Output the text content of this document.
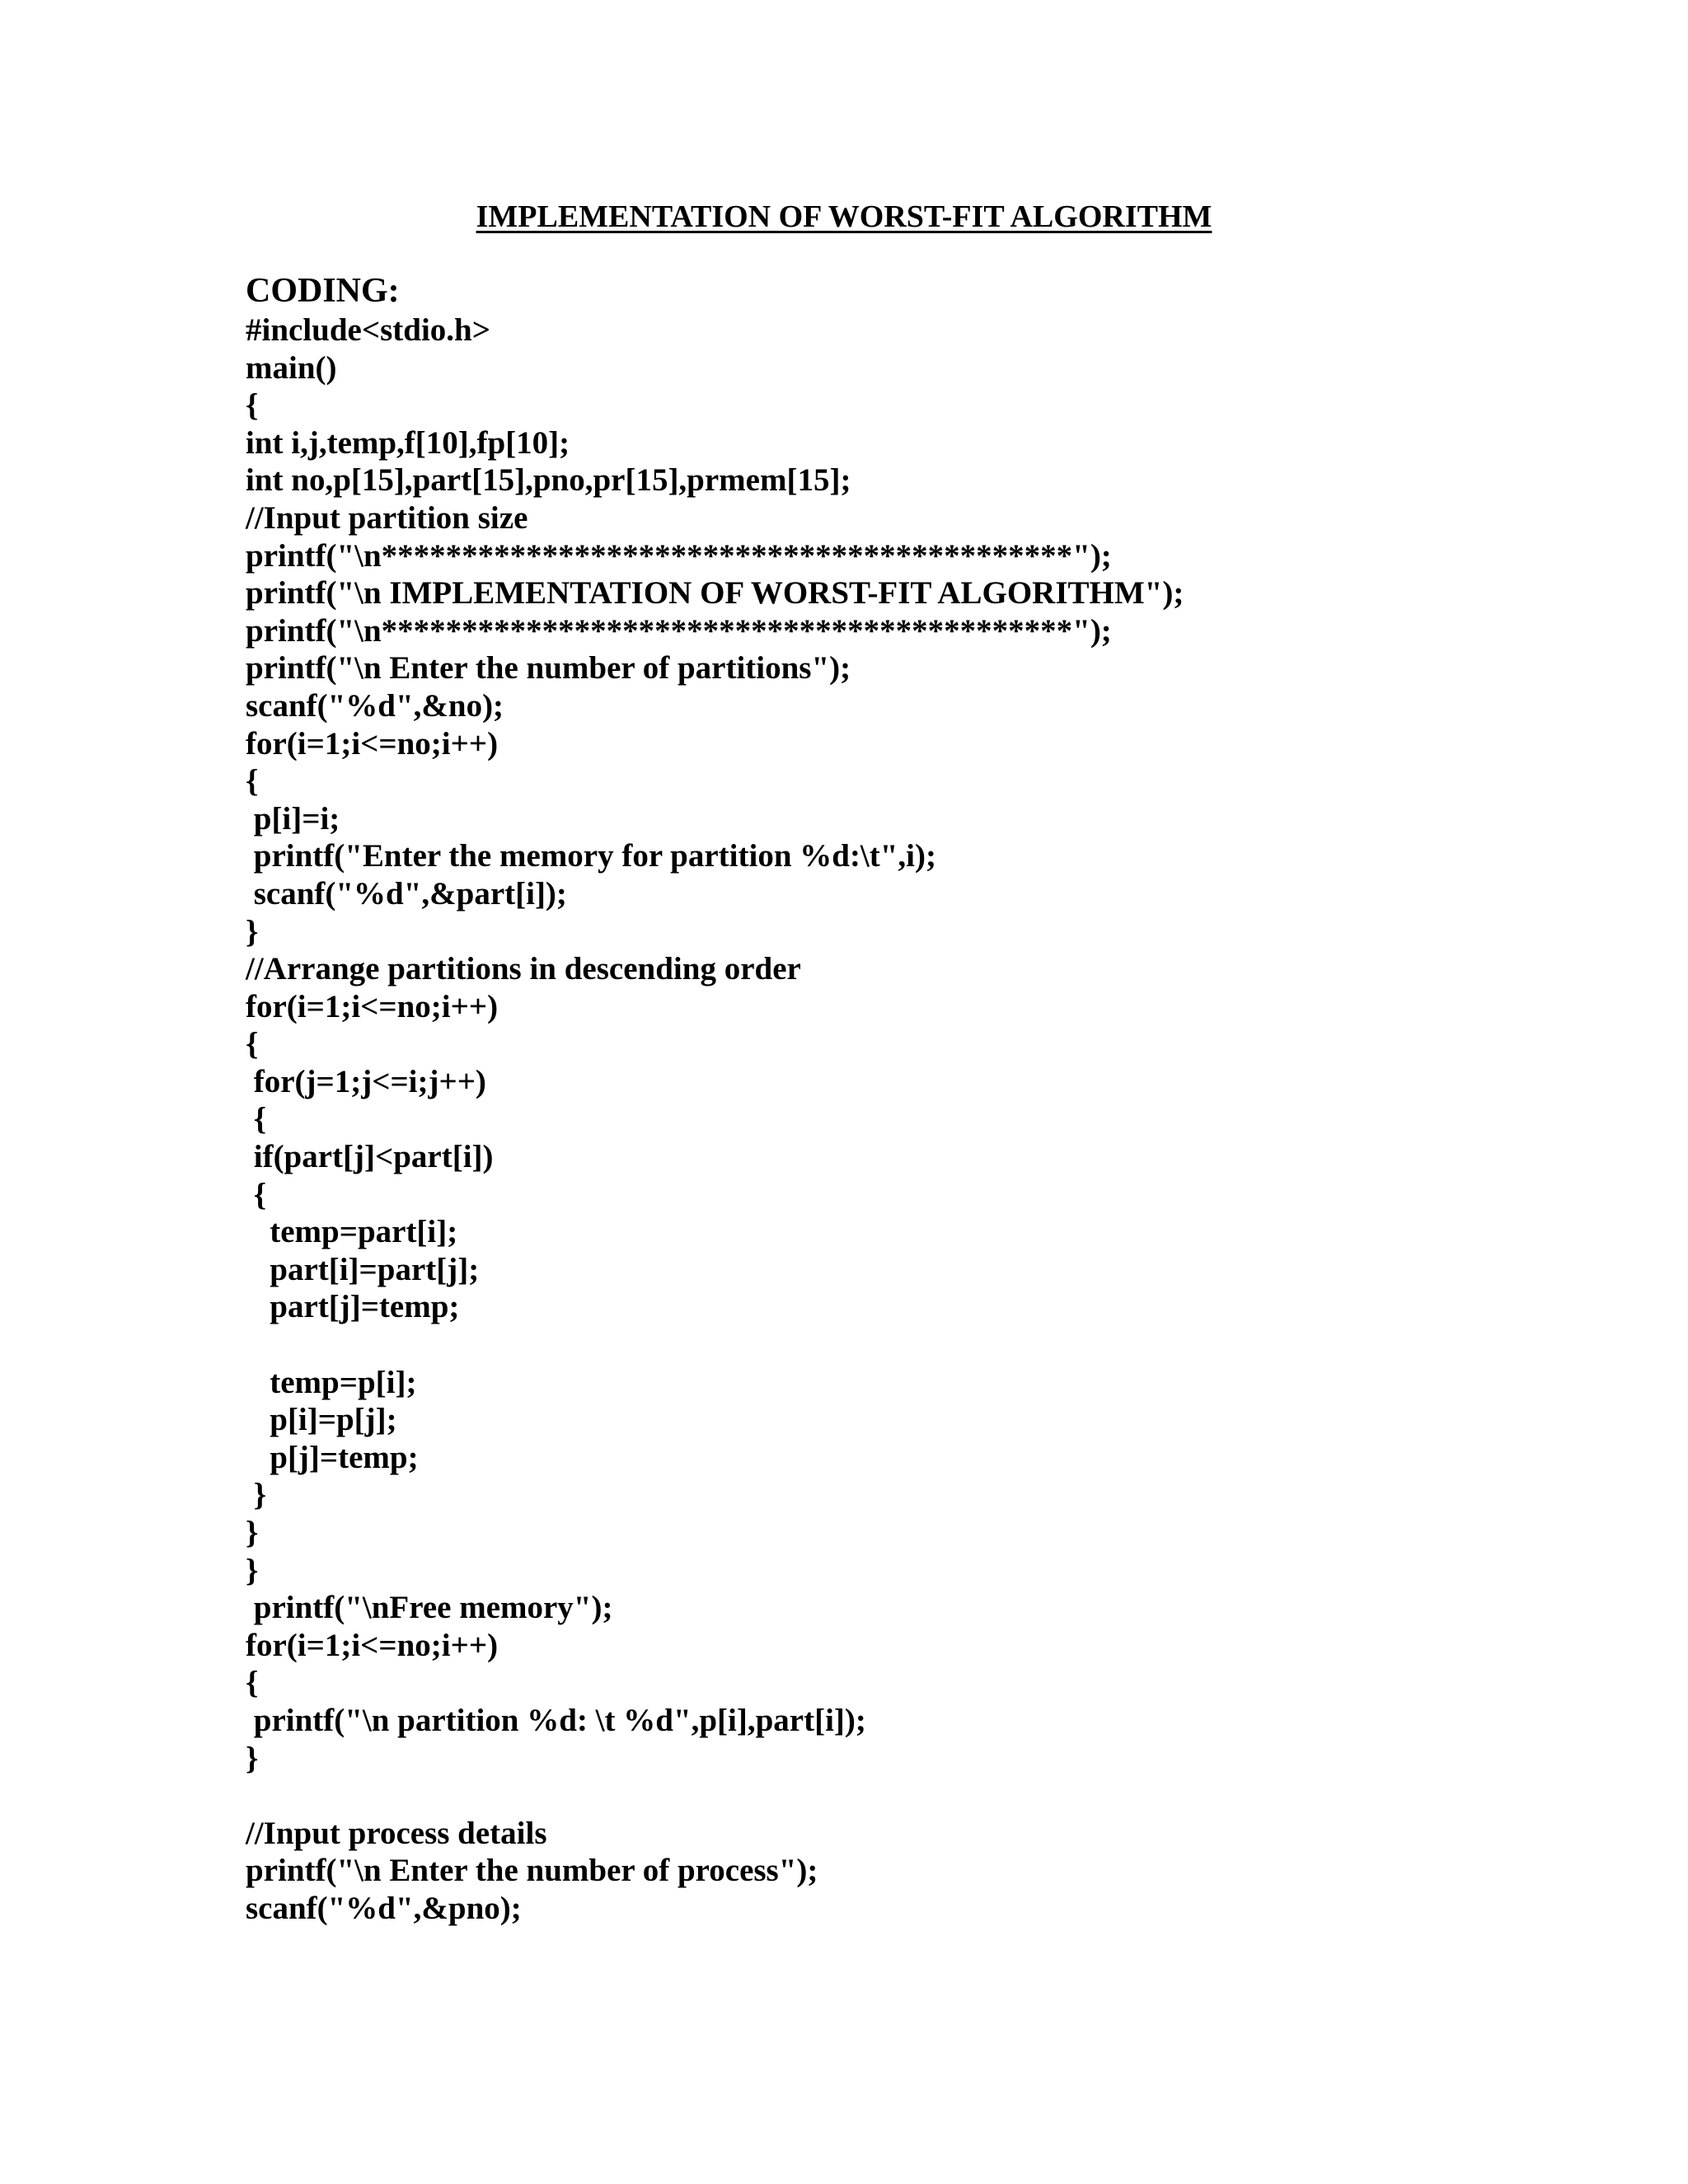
IMPLEMENTATION OF WORST-FIT ALGORITHM
CODING:
#include<stdio.h>
main()
{
int i,j,temp,f[10],fp[10];
int no,p[15],part[15],pno,pr[15],prmem[15];
//Input partition size
printf("\n*******************************************");
printf("\n IMPLEMENTATION OF WORST-FIT ALGORITHM");
printf("\n*******************************************");
printf("\n Enter the number of partitions");
scanf("%d",&no);
for(i=1;i<=no;i++)
{
p[i]=i;
printf("Enter the memory for partition %d:\t",i);
scanf("%d",&part[i]);
}
//Arrange partitions in descending order
for(i=1;i<=no;i++)
{
for(j=1;j<=i;j++)
{
if(part[j]<part[i])
{
temp=part[i];
part[i]=part[j];
part[j]=temp;
temp=p[i];
p[i]=p[j];
p[j]=temp;
}
}
}
printf("\nFree memory");
for(i=1;i<=no;i++)
{
printf("\n partition %d: \t %d",p[i],part[i]);
}
//Input process details
printf("\n Enter the number of process");
scanf("%d",&pno);
